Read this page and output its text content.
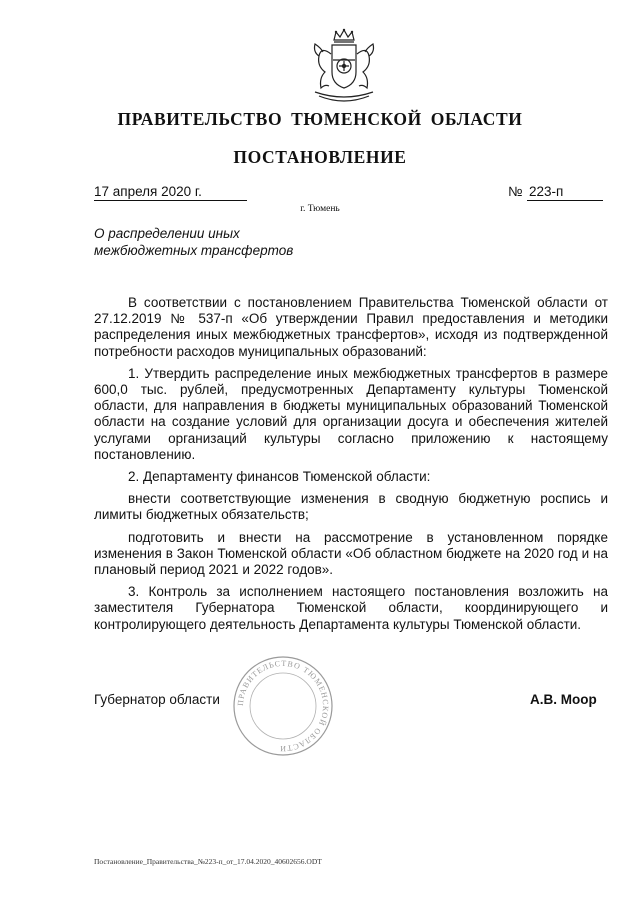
ПРАВИТЕЛЬСТВО ТЮМЕНСКОЙ ОБЛАСТИ
ПОСТАНОВЛЕНИЕ
17 апреля 2020 г.	№ 223-п
г. Тюмень
О распределении иных
межбюджетных трансфертов

В соответствии с постановлением Правительства Тюменской области от 27.12.2019 № 537-п «Об утверждении Правил предоставления и методики распределения иных межбюджетных трансфертов», исходя из подтвержденной потребности расходов муниципальных образований:

1. Утвердить распределение иных межбюджетных трансфертов в размере 600,0 тыс. рублей, предусмотренных Департаменту культуры Тюменской области, для направления в бюджеты муниципальных образований Тюменской области на создание условий для организации досуга и обеспечения жителей услугами организаций культуры согласно приложению к настоящему постановлению.

2. Департаменту финансов Тюменской области:

внести соответствующие изменения в сводную бюджетную роспись и лимиты бюджетных обязательств;

подготовить и внести на рассмотрение в установленном порядке изменения в Закон Тюменской области «Об областном бюджете на 2020 год и на плановый период 2021 и 2022 годов».

3. Контроль за исполнением настоящего постановления возложить на заместителя Губернатора Тюменской области, координирующего и контролирующего деятельность Департамента культуры Тюменской области.

ПРАВИТЕЛЬСТВО ТЮМЕНСКОЙ ОБЛАСТИ
Губернатор области	А.В. Моор
Постановление_Правительства_№223-п_от_17.04.2020_40602656.ODT
